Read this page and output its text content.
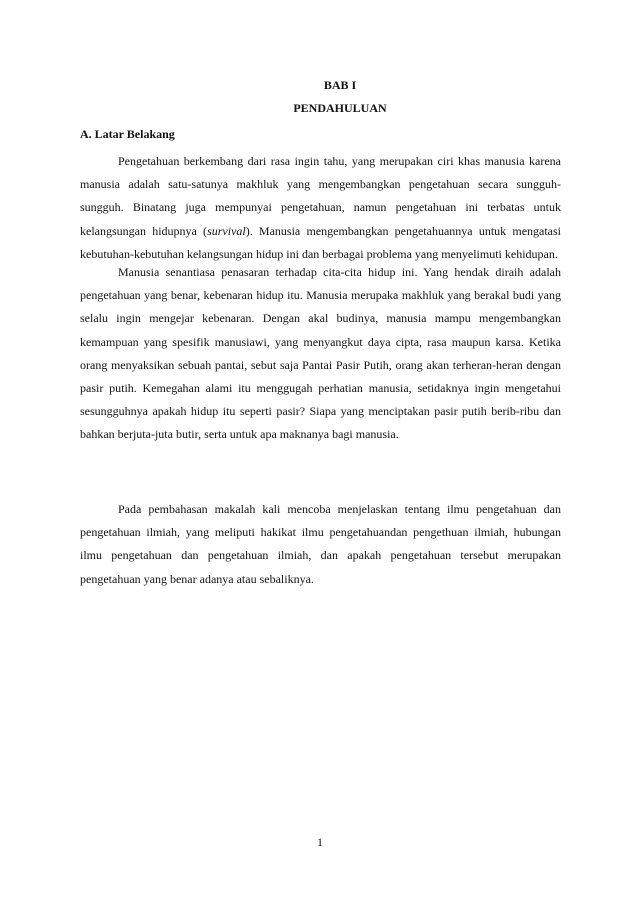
BAB I

PENDAHULUAN

A. Latar Belakang

Pengetahuan berkembang dari rasa ingin tahu, yang merupakan ciri khas manusia karena manusia adalah satu-satunya makhluk yang mengembangkan pengetahuan secara sungguh-sungguh. Binatang juga mempunyai pengetahuan, namun pengetahuan ini terbatas untuk kelangsungan hidupnya (survival). Manusia mengembangkan pengetahuannya untuk mengatasi kebutuhan-kebutuhan kelangsungan hidup ini dan berbagai problema yang menyelimuti kehidupan.

Manusia senantiasa penasaran terhadap cita-cita hidup ini. Yang hendak diraih adalah pengetahuan yang benar, kebenaran hidup itu. Manusia merupaka makhluk yang berakal budi yang selalu ingin mengejar kebenaran. Dengan akal budinya, manusia mampu mengembangkan kemampuan yang spesifik manusiawi, yang menyangkut daya cipta, rasa maupun karsa. Ketika orang menyaksikan sebuah pantai, sebut saja Pantai Pasir Putih, orang akan terheran-heran dengan pasir putih. Kemegahan alami itu menggugah perhatian manusia, setidaknya ingin mengetahui sesungguhnya apakah hidup itu seperti pasir? Siapa yang menciptakan pasir putih berib-ribu dan bahkan berjuta-juta butir, serta untuk apa maknanya bagi manusia.

Pada pembahasan makalah kali mencoba menjelaskan tentang ilmu pengetahuan dan pengetahuan ilmiah, yang meliputi hakikat ilmu pengetahuandan pengethuan ilmiah, hubungan ilmu pengetahuan dan pengetahuan ilmiah, dan apakah pengetahuan tersebut merupakan pengetahuan yang benar adanya atau sebaliknya.

1
